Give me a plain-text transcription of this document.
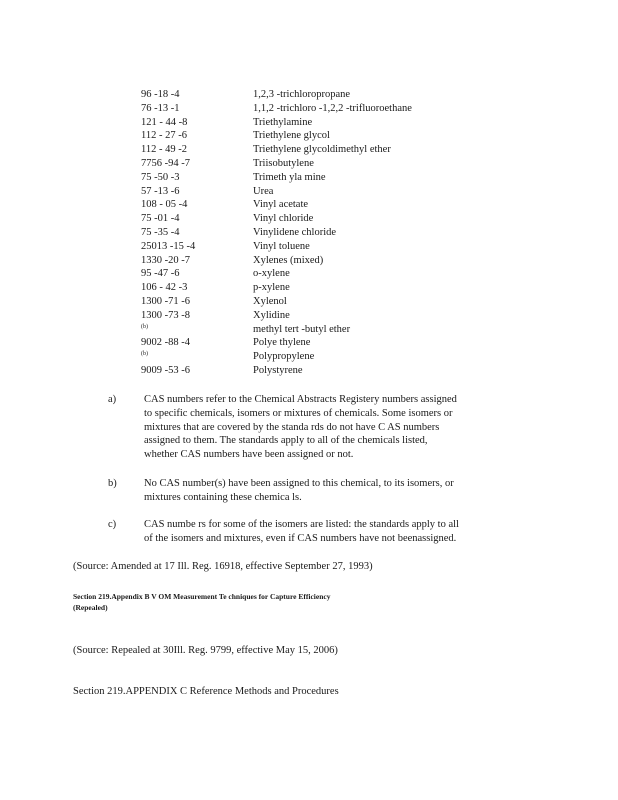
96 -18 -4	1,2,3 -trichloropropane
76 -13 -1	1,1,2 -trichloro -1,2,2 -trifluoroethane
121 - 44 -8	Triethylamine
112 - 27 -6	Triethylene glycol
112 - 49 -2	Triethylene glycoldimethyl ether
7756 -94 -7	Triisobutylene
75 -50 -3	Trimeth yla mine
57 -13 -6	Urea
108 - 05 -4	Vinyl acetate
75 -01 -4	Vinyl chloride
75 -35 -4	Vinylidene chloride
25013 -15 -4	Vinyl toluene
1330 -20 -7	Xylenes (mixed)
95 -47 -6	o-xylene
106 - 42 -3	p-xylene
1300 -71 -6	Xylenol
1300 -73 -8	Xylidine
(b)	methyl tert -butyl ether
9002 -88 -4	Polye thylene
(b)	Polypropylene
9009 -53 -6	Polystyrene
a)	CAS numbers refer to the Chemical Abstracts Registery numbers assigned
to specific chemicals, isomers or mixtures of chemicals. Some isomers or
mixtures that are covered by the standa rds do not have C AS numbers
assigned to them. The standards apply to all of the chemicals listed,
whether CAS numbers have been assigned or not.
b)	No CAS number(s) have been assigned to this chemical, to its isomers, or
mixtures containing these chemica ls.
c)	CAS numbe rs for some of the isomers are listed: the standards apply to all
of the isomers and mixtures, even if CAS numbers have not beenassigned.
(Source: Amended at 17 Ill. Reg. 16918, effective September 27, 1993)
Section 219.Appendix B V OM Measurement Te chniques for Capture Efficiency
(Repealed)
(Source: Repealed at 30Ill. Reg. 9799, effective May 15, 2006)
Section 219.APPENDIX C Reference Methods and Procedures
